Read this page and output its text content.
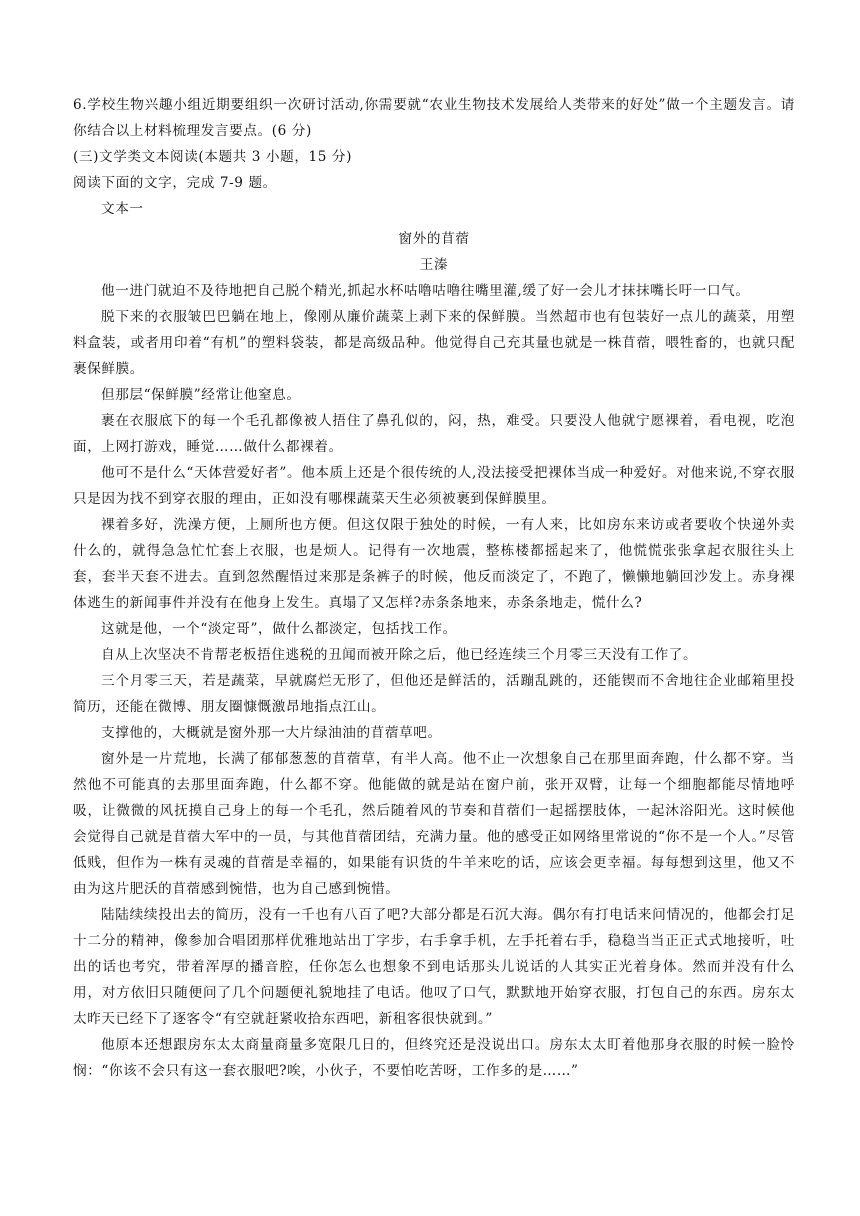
6.学校生物兴趣小组近期要组织一次研讨活动,你需要就“农业生物技术发展给人类带来的好处”做一个主题发言。请你结合以上材料梳理发言要点。(6 分)

(三)文学类文本阅读(本题共 3 小题，15 分)

阅读下面的文字，完成 7-9 题。

文本一

窗外的苜蓿

王溱

他一进门就迫不及待地把自己脱个精光,抓起水杯咕噜咕噜往嘴里灌,缓了好一会儿才抹抹嘴长吁一口气。

脱下来的衣服皱巴巴躺在地上，像刚从廉价蔬菜上剥下来的保鲜膜。当然超市也有包装好一点儿的蔬菜，用塑料盒装，或者用印着“有机”的塑料袋装，都是高级品种。他觉得自己充其量也就是一株苜蓿，喂牲畜的，也就只配裹保鲜膜。

但那层“保鲜膜”经常让他窒息。

裹在衣服底下的每一个毛孔都像被人捂住了鼻孔似的，闷，热，难受。只要没人他就宁愿裸着，看电视，吃泡面，上网打游戏，睡觉……做什么都裸着。

他可不是什么“天体营爱好者”。他本质上还是个很传统的人,没法接受把裸体当成一种爱好。对他来说,不穿衣服只是因为找不到穿衣服的理由，正如没有哪棵蔬菜天生必须被裹到保鲜膜里。

裸着多好，洗澡方便，上厕所也方便。但这仅限于独处的时候，一有人来，比如房东来访或者要收个快递外卖什么的，就得急急忙忙套上衣服，也是烦人。记得有一次地震，整栋楼都摇起来了，他慌慌张张拿起衣服往头上套，套半天套不进去。直到忽然醒悟过来那是条裤子的时候，他反而淡定了，不跑了，懒懒地躺回沙发上。赤身裸体逃生的新闻事件并没有在他身上发生。真塌了又怎样?赤条条地来，赤条条地走，慌什么?

这就是他，一个“淡定哥”，做什么都淡定，包括找工作。

自从上次坚决不肯帮老板捂住逃税的丑闻而被开除之后，他已经连续三个月零三天没有工作了。

三个月零三天，若是蔬菜，早就腐烂无形了，但他还是鲜活的，活蹦乱跳的，还能锲而不舍地往企业邮箱里投简历，还能在微博、朋友圈慷慨激昂地指点江山。

支撑他的，大概就是窗外那一大片绿油油的苜蓿草吧。

窗外是一片荒地，长满了郁郁葱葱的苜蓿草，有半人高。他不止一次想象自己在那里面奔跑，什么都不穿。当然他不可能真的去那里面奔跑，什么都不穿。他能做的就是站在窗户前，张开双臂，让每一个细胞都能尽情地呼吸，让微微的风抚摸自己身上的每一个毛孔，然后随着风的节奏和苜蓿们一起摇摆肢体，一起沐浴阳光。这时候他会觉得自己就是苜蓿大军中的一员，与其他苜蓿团结，充满力量。他的感受正如网络里常说的“你不是一个人。”尽管低贱，但作为一株有灵魂的苜蓿是幸福的，如果能有识货的牛羊来吃的话，应该会更幸福。每每想到这里，他又不由为这片肥沃的苜蓿感到惋惜，也为自己感到惋惜。

陆陆续续投出去的简历，没有一千也有八百了吧?大部分都是石沉大海。偶尔有打电话来问情况的，他都会打足十二分的精神，像参加合唱团那样优雅地站出丁字步，右手拿手机，左手托着右手，稳稳当当正正式式地接听，吐出的话也考究，带着浑厚的播音腔，任你怎么也想象不到电话那头儿说话的人其实正光着身体。然而并没有什么用，对方依旧只随便问了几个问题便礼貌地挂了电话。他叹了口气，默默地开始穿衣服，打包自己的东西。房东太太昨天已经下了逐客令“有空就赶紧收拾东西吧，新租客很快就到。”

他原本还想跟房东太太商量商量多宽限几日的，但终究还是没说出口。房东太太盯着他那身衣服的时候一脸怜悯：“你该不会只有这一套衣服吧?唉，小伙子，不要怕吃苦呀，工作多的是……”
